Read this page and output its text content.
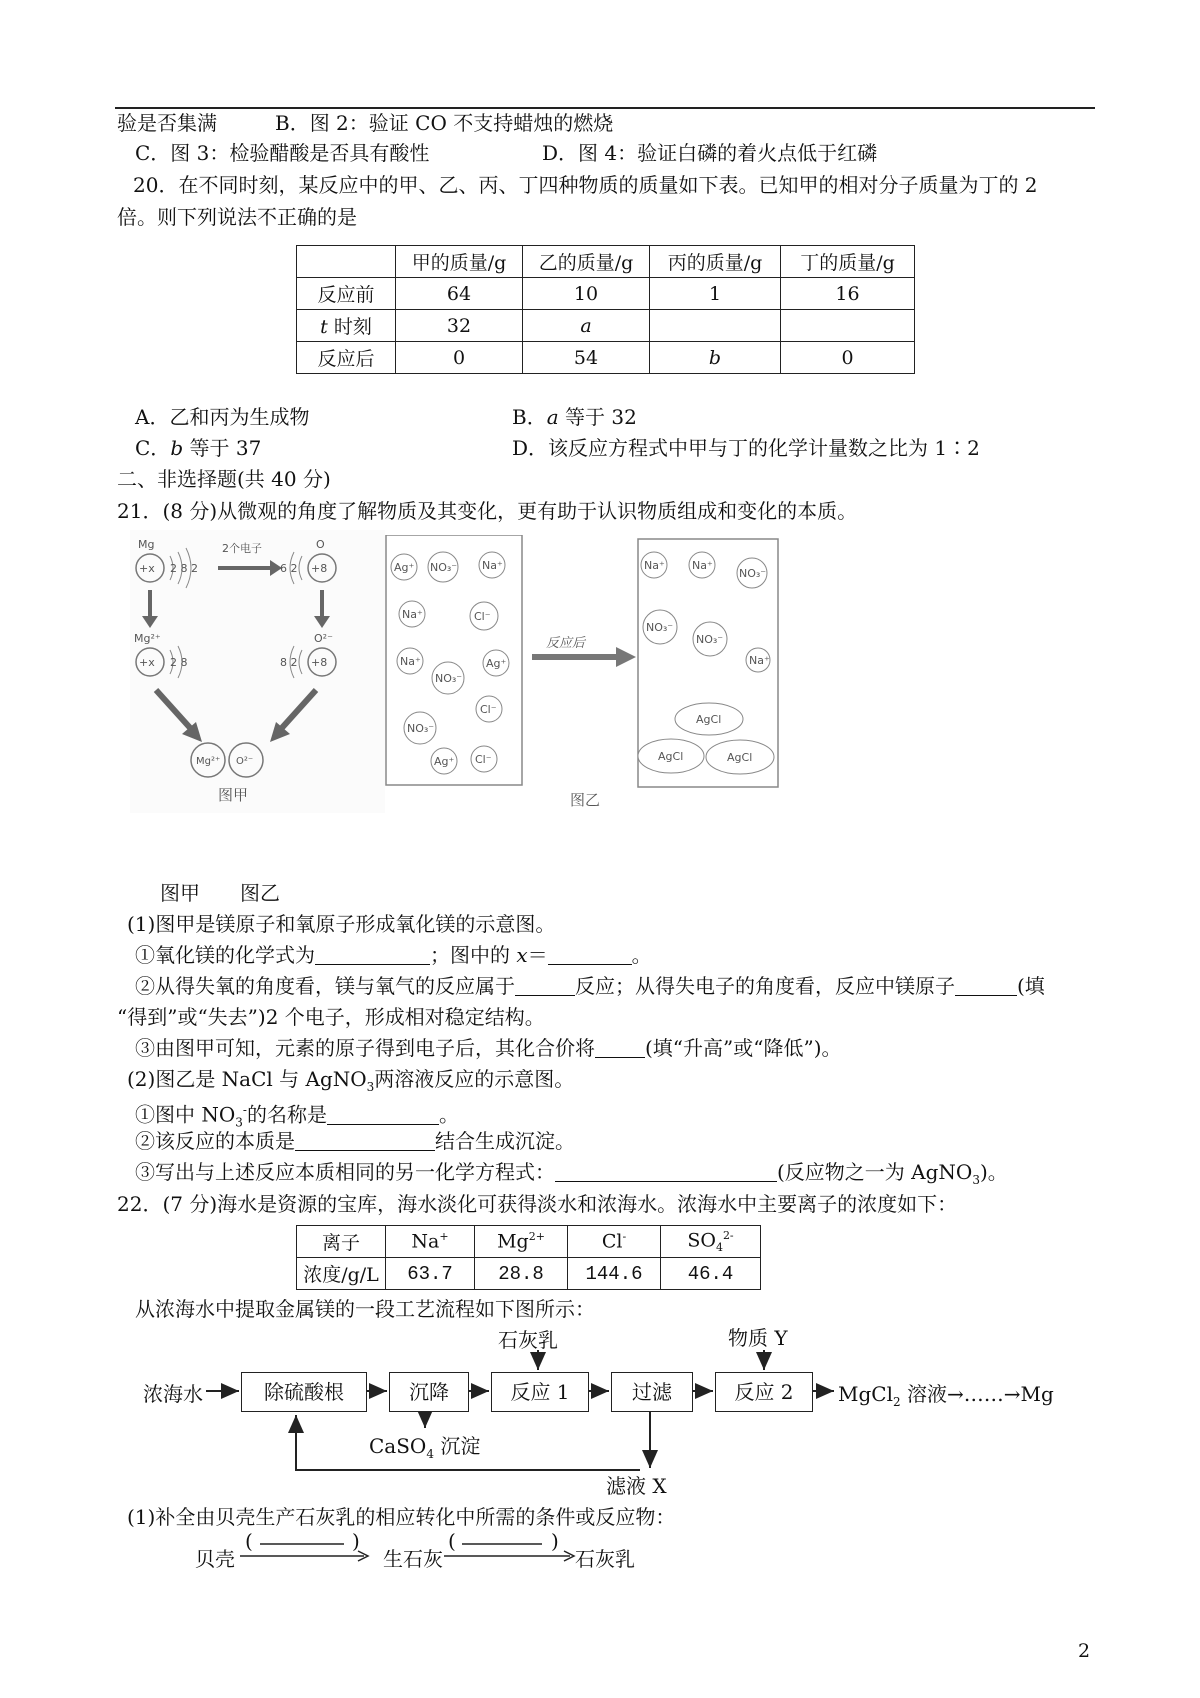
验是否集满	B．图 2：验证 CO 不支持蜡烛的燃烧
C．图 3：检验醋酸是否具有酸性	D．图 4：验证白磷的着火点低于红磷
20．在不同时刻，某反应中的甲、乙、丙、丁四种物质的质量如下表。已知甲的相对分子质量为丁的 2
倍。则下列说法不正确的是
	甲的质量/g	乙的质量/g	丙的质量/g	丁的质量/g
反应前	64	10	1	16
t 时刻	32	a		
反应后	0	54	b	0
A．乙和丙为生成物	B．a 等于 32
C．b 等于 37	D．该反应方程式中甲与丁的化学计量数之比为 1∶2
二、非选择题(共 40 分)
21．(8 分)从微观的角度了解物质及其变化，更有助于认识物质组成和变化的本质。
Mg
+x 2 8 2
2个电子	O
+8
6 2
Mg²⁺
+x 2 8
O²⁻
+8
8 2
Mg²⁺ O²⁻
图甲
Ag⁺ NO₃⁻ Na⁺
Na⁺	Cl⁻
Na⁺	Ag⁺
NO₃⁻
Cl⁻
NO₃⁻
Ag⁺ Cl⁻
反应后
Na⁺ Na⁺
NO₃⁻
NO₃⁻
NO₃⁻
Na⁺
AgCl
AgCl	AgCl
图乙
图甲　　图乙
(1)图甲是镁原子和氧原子形成氧化镁的示意图。
①氧化镁的化学式为	；图中的 x＝	。
②从得失氧的角度看，镁与氧气的反应属于	反应；从得失电子的角度看，反应中镁原子	(填
“得到”或“失去”)2 个电子，形成相对稳定结构。
③由图甲可知，元素的原子得到电子后，其化合价将	(填“升高”或“降低”)。
(2)图乙是 NaCl 与 AgNO$_3$两溶液反应的示意图。
①图中 $NO_3^-$的名称是	。
②该反应的本质是	结合生成沉淀。
③写出与上述反应本质相同的另一化学方程式：	(反应物之一为 AgNO$_3$)。
22．(7 分)海水是资源的宝库，海水淡化可获得淡水和浓海水。浓海水中主要离子的浓度如下：
离子	Na+	$Mg^{2+}$	Cl-	$SO_4^{2-}$
浓度/g/L	63.7	28.8	144.6	46.4
从浓海水中提取金属镁的一段工艺流程如下图所示：
浓海水	除硫酸根	沉降	反应 1	过滤	反应 2
石灰乳	物质 Y
CaSO$_4$ 沉淀
滤液 X
MgCl$_2$ 溶液→……→Mg
(1)补全由贝壳生产石灰乳的相应转化中所需的条件或反应物：
贝壳
(	)
生石灰
(	)
石灰乳
2
